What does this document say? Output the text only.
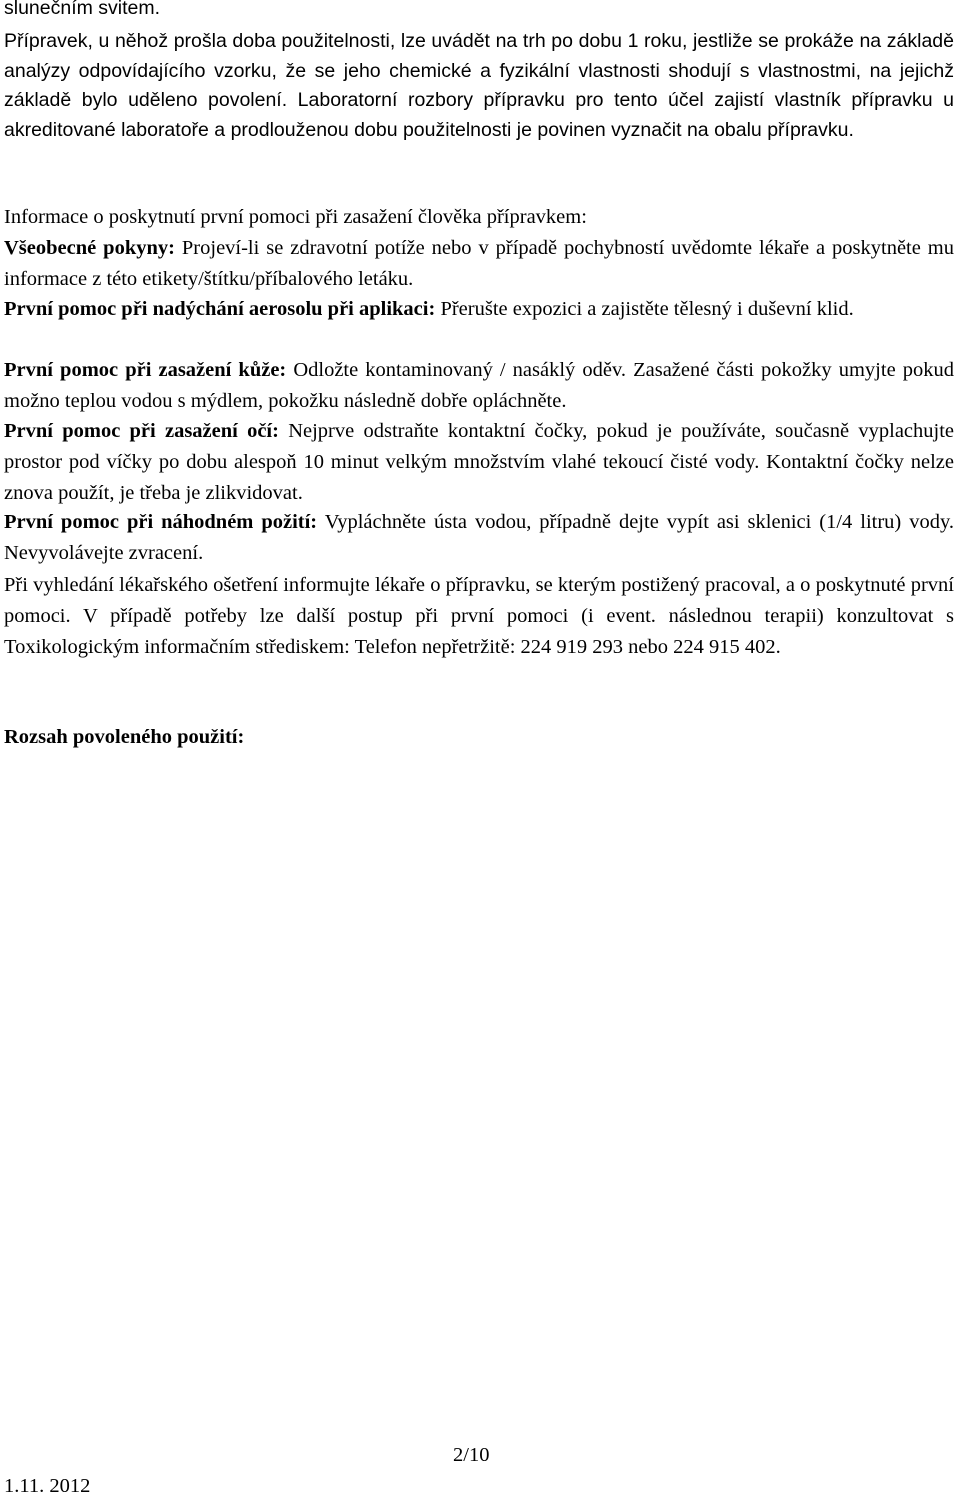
slunečním svitem.

Přípravek, u něhož prošla doba použitelnosti, lze uvádět na trh po dobu 1 roku, jestliže se prokáže na základě analýzy odpovídajícího vzorku, že se jeho chemické a fyzikální vlastnosti shodují s vlastnostmi, na jejichž základě bylo uděleno povolení. Laboratorní rozbory přípravku pro tento účel zajistí vlastník přípravku u akreditované laboratoře a prodlouženou dobu použitelnosti je povinen vyznačit na obalu přípravku.

Informace o poskytnutí první pomoci při zasažení člověka přípravkem:

Všeobecné pokyny: Projeví-li se zdravotní potíže nebo v případě pochybností uvědomte lékaře a poskytněte mu informace z této etikety/štítku/příbalového letáku.

První pomoc při nadýchání aerosolu při aplikaci: Přerušte expozici a zajistěte tělesný i duševní klid.

První pomoc při zasažení kůže: Odložte kontaminovaný / nasáklý oděv. Zasažené části pokožky umyjte pokud možno teplou vodou s mýdlem, pokožku následně dobře opláchněte.

První pomoc při zasažení očí: Nejprve odstraňte kontaktní čočky, pokud je používáte, současně vyplachujte prostor pod víčky po dobu alespoň 10 minut velkým množstvím vlahé tekoucí čisté vody. Kontaktní čočky nelze znova použít, je třeba je zlikvidovat.

První pomoc při náhodném požití: Vypláchněte ústa vodou, případně dejte vypít asi sklenici (1/4 litru) vody. Nevyvolávejte zvracení.

Při vyhledání lékařského ošetření informujte lékaře o přípravku, se kterým postižený pracoval, a o poskytnuté první pomoci. V případě potřeby lze další postup při první pomoci (i event. následnou terapii) konzultovat s Toxikologickým informačním střediskem: Telefon nepřetržitě: 224 919 293 nebo 224 915 402.

Rozsah povoleného použití:
2/10
1.11. 2012
